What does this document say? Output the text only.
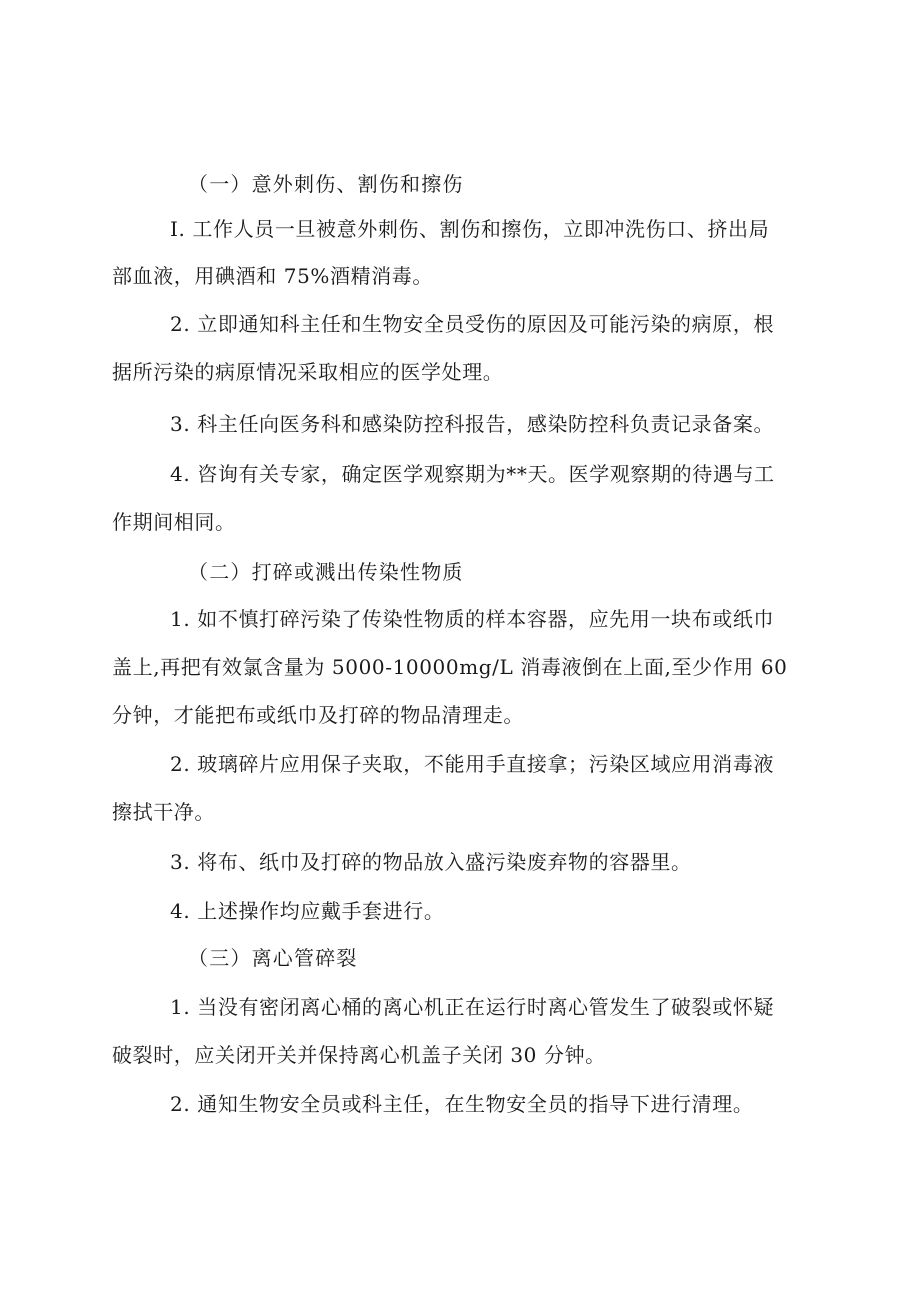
（一）意外刺伤、割伤和擦伤
I. 工作人员一旦被意外刺伤、割伤和擦伤，立即冲洗伤口、挤出局
部血液，用碘酒和 75%酒精消毒。
2. 立即通知科主任和生物安全员受伤的原因及可能污染的病原，根
据所污染的病原情况采取相应的医学处理。
3. 科主任向医务科和感染防控科报告，感染防控科负责记录备案。
4. 咨询有关专家，确定医学观察期为**天。医学观察期的待遇与工
作期间相同。
（二）打碎或溅出传染性物质
1. 如不慎打碎污染了传染性物质的样本容器，应先用一块布或纸巾
盖上,再把有效氯含量为 5000-10000mg/L 消毒液倒在上面,至少作用 60
分钟，才能把布或纸巾及打碎的物品清理走。
2. 玻璃碎片应用保子夹取，不能用手直接拿；污染区域应用消毒液
擦拭干净。
3. 将布、纸巾及打碎的物品放入盛污染废弃物的容器里。
4. 上述操作均应戴手套进行。
（三）离心管碎裂
1. 当没有密闭离心桶的离心机正在运行时离心管发生了破裂或怀疑
破裂时，应关闭开关并保持离心机盖子关闭 30 分钟。
2. 通知生物安全员或科主任，在生物安全员的指导下进行清理。
